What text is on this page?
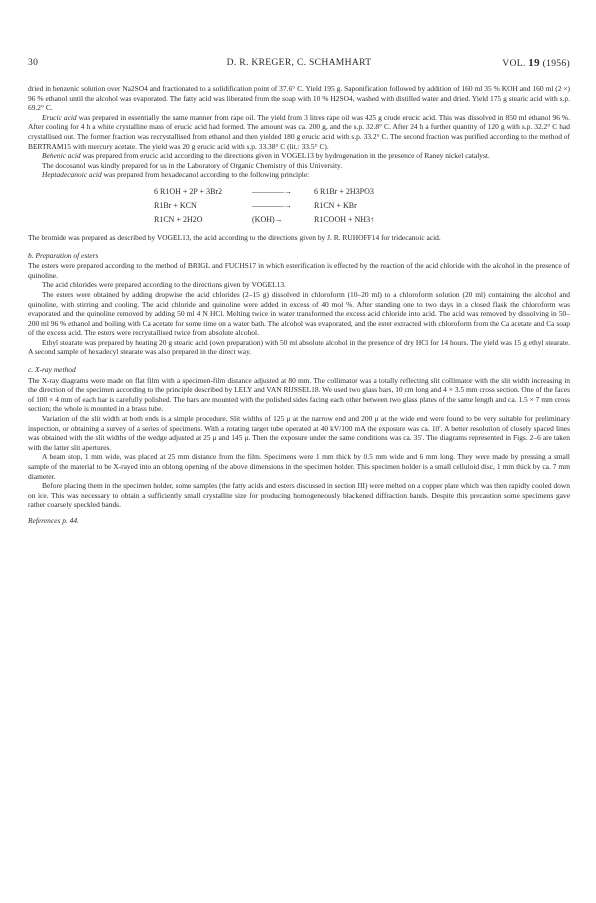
30	D. R. KREGER, C. SCHAMHART	VOL. 19 (1956)

dried in benzenic solution over Na2SO4 and fractionated to a solidification point of 37.6° C. Yield 195 g. Saponification followed by addition of 160 ml 35 % KOH and 160 ml (2 ×) 96 % ethanol until the alcohol was evaporated. The fatty acid was liberated from the soap with 10 % H2SO4, washed with distilled water and dried. Yield 175 g stearic acid with s.p. 69.2° C.

Erucic acid was prepared in essentially the same manner from rape oil. The yield from 3 litres rape oil was 425 g crude erucic acid. This was dissolved in 850 ml ethanol 96 %. After cooling for 4 h a white crystalline mass of erucic acid had formed. The amount was ca. 200 g, and the s.p. 32.8° C. After 24 h a further quantity of 120 g with s.p. 32.2° C had crystallised out. The former fraction was recrystallised from ethanol and then yielded 180 g erucic acid with s.p. 33.2° C. The second fraction was purified according to the method of BERTRAM15 with mercury acetate. The yield was 20 g erucic acid with s.p. 33.38° C (lit.: 33.5° C).

Behenic acid was prepared from erucic acid according to the directions given in VOGEL13 by hydrogenation in the presence of Raney nickel catalyst.

The docosanol was kindly prepared for us in the Laboratory of Organic Chemistry of this University.

Heptadecanoic acid was prepared from hexadecanol according to the following principle:

6 R1OH + 2P + 3Br2	————→	6 R1Br + 2H3PO3
R1Br + KCN	————→	R1CN + KBr
R1CN + 2H2O	(KOH)→	R1COOH + NH3↑

The bromide was prepared as described by VOGEL13, the acid according to the directions given by J. R. RUHOFF14 for tridecanoic acid.

b. Preparation of esters

The esters were prepared according to the method of BRIGL and FUCHS17 in which esterification is effected by the reaction of the acid chloride with the alcohol in the presence of quinoline.

The acid chlorides were prepared according to the directions given by VOGEL13.

The esters were obtained by adding dropwise the acid chlorides (2–15 g) dissolved in chloroform (10–20 ml) to a chloroform solution (20 ml) containing the alcohol and quinoline, with stirring and cooling. The acid chloride and quinoline were added in excess of 40 mol %. After standing one to two days in a closed flask the chloroform was evaporated and the quinoline removed by adding 50 ml 4 N HCl. Melting twice in water transformed the excess acid chloride into acid. The acid was removed by dissolving in 50–200 ml 96 % ethanol and boiling with Ca acetate for some time on a water bath. The alcohol was evaporated, and the ester extracted with chloroform from the Ca acetate and Ca soap of the excess acid. The esters were recrystallised twice from absolute alcohol.

Ethyl stearate was prepared by heating 20 g stearic acid (own preparation) with 50 ml absolute alcohol in the presence of dry HCl for 14 hours. The yield was 15 g ethyl stearate. A second sample of hexadecyl stearate was also prepared in the direct way.

c. X-ray method

The X-ray diagrams were made on flat film with a specimen-film distance adjusted at 80 mm. The collimator was a totally reflecting slit collimator with the slit width increasing in the direction of the specimen according to the principle described by LELY and VAN RIJSSEL18. We used two glass bars, 10 cm long and 4 × 3.5 mm cross section. One of the faces of 100 × 4 mm of each bar is carefully polished. The bars are mounted with the polished sides facing each other between two glass plates of the same length and ca. 1.5 × 7 mm cross section; the whole is mounted in a brass tube.

Variation of the slit width at both ends is a simple procedure. Slit widths of 125 μ at the narrow end and 200 μ at the wide end were found to be very suitable for preliminary inspection, or obtaining a survey of a series of specimens. With a rotating target tube operated at 40 kV/100 mA the exposure was ca. 10'. A better resolution of closely spaced lines was obtained with the slit widths of the wedge adjusted at 25 μ and 145 μ. Then the exposure under the same conditions was ca. 35'. The diagrams represented in Figs. 2–6 are taken with the latter slit apertures.

A beam stop, 1 mm wide, was placed at 25 mm distance from the film. Specimens were 1 mm thick by 0.5 mm wide and 6 mm long. They were made by pressing a small sample of the material to be X-rayed into an oblong opening of the above dimensions in the specimen holder. This specimen holder is a small celluloid disc, 1 mm thick by ca. 7 mm diameter.

Before placing them in the specimen holder, some samples (the fatty acids and esters discussed in section III) were melted on a copper plate which was then rapidly cooled down on ice. This was necessary to obtain a sufficiently small crystallite size for producing homogeneously blackened diffraction bands. Despite this precaution some specimens gave rather coarsely speckled bands.

References p. 44.
